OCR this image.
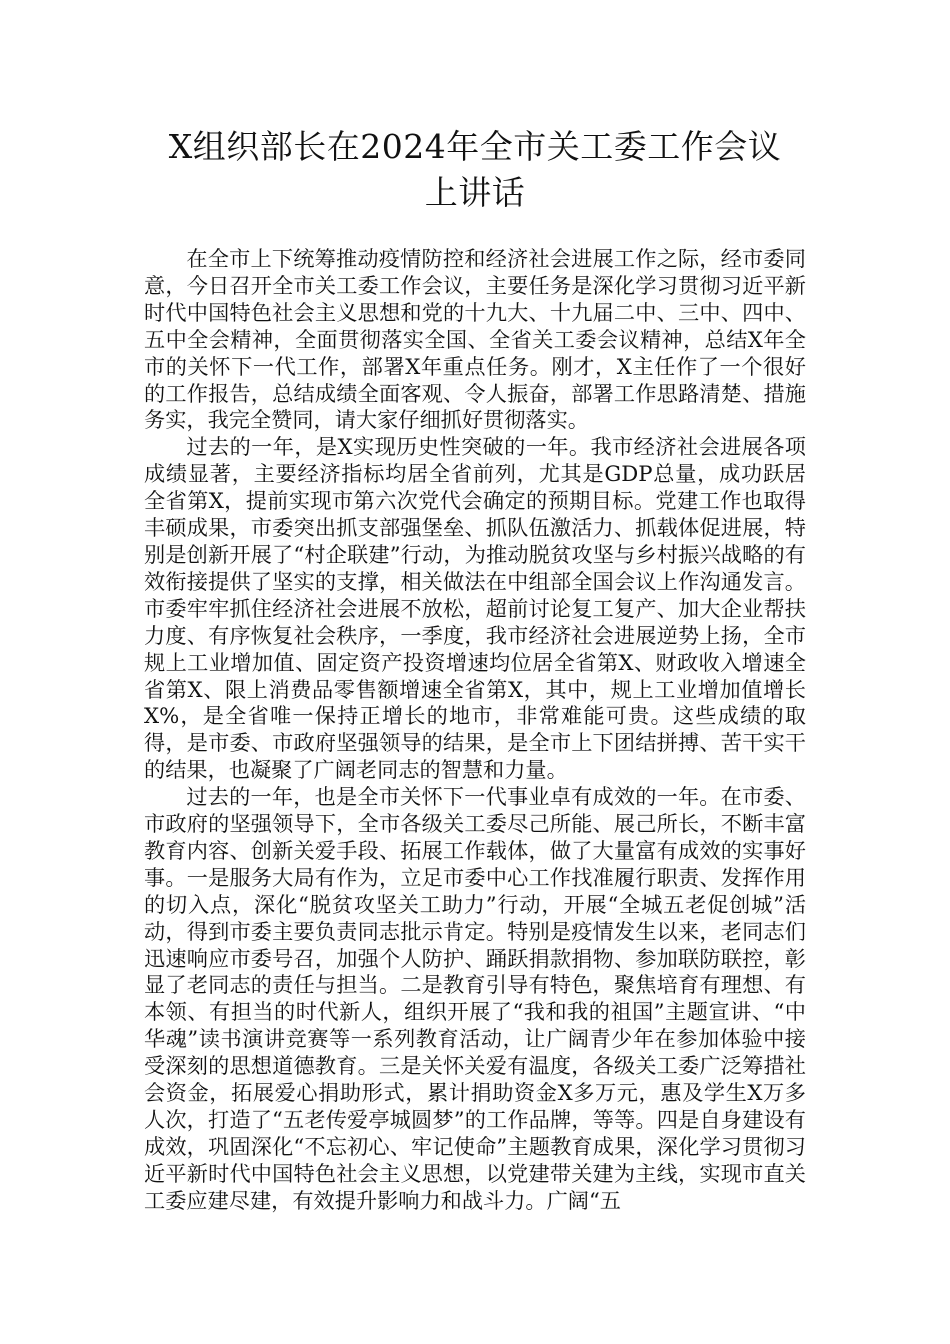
X组织部长在2024年全市关工委工作会议
上讲话

在全市上下统筹推动疫情防控和经济社会进展工作之际，经市委同意，今日召开全市关工委工作会议，主要任务是深化学习贯彻习近平新时代中国特色社会主义思想和党的十九大、十九届二中、三中、四中、五中全会精神，全面贯彻落实全国、全省关工委会议精神，总结X年全市的关怀下一代工作，部署X年重点任务。刚才，X主任作了一个很好的工作报告，总结成绩全面客观、令人振奋，部署工作思路清楚、措施务实，我完全赞同，请大家仔细抓好贯彻落实。

过去的一年，是X实现历史性突破的一年。我市经济社会进展各项成绩显著，主要经济指标均居全省前列，尤其是GDP总量，成功跃居全省第X，提前实现市第六次党代会确定的预期目标。党建工作也取得丰硕成果，市委突出抓支部强堡垒、抓队伍激活力、抓载体促进展，特别是创新开展了“村企联建”行动，为推动脱贫攻坚与乡村振兴战略的有效衔接提供了坚实的支撑，相关做法在中组部全国会议上作沟通发言。市委牢牢抓住经济社会进展不放松，超前讨论复工复产、加大企业帮扶力度、有序恢复社会秩序，一季度，我市经济社会进展逆势上扬，全市规上工业增加值、固定资产投资增速均位居全省第X、财政收入增速全省第X、限上消费品零售额增速全省第X，其中，规上工业增加值增长X%，是全省唯一保持正增长的地市，非常难能可贵。这些成绩的取得，是市委、市政府坚强领导的结果，是全市上下团结拼搏、苦干实干的结果，也凝聚了广阔老同志的智慧和力量。

过去的一年，也是全市关怀下一代事业卓有成效的一年。在市委、市政府的坚强领导下，全市各级关工委尽己所能、展己所长，不断丰富教育内容、创新关爱手段、拓展工作载体，做了大量富有成效的实事好事。一是服务大局有作为，立足市委中心工作找准履行职责、发挥作用的切入点，深化“脱贫攻坚关工助力”行动，开展“全城五老促创城”活动，得到市委主要负责同志批示肯定。特别是疫情发生以来，老同志们迅速响应市委号召，加强个人防护、踊跃捐款捐物、参加联防联控，彰显了老同志的责任与担当。二是教育引导有特色，聚焦培育有理想、有本领、有担当的时代新人，组织开展了“我和我的祖国”主题宣讲、“中华魂”读书演讲竞赛等一系列教育活动，让广阔青少年在参加体验中接受深刻的思想道德教育。三是关怀关爱有温度，各级关工委广泛筹措社会资金，拓展爱心捐助形式，累计捐助资金X多万元，惠及学生X万多人次，打造了“五老传爱亭城圆梦”的工作品牌，等等。四是自身建设有成效，巩固深化“不忘初心、牢记使命”主题教育成果，深化学习贯彻习近平新时代中国特色社会主义思想，以党建带关建为主线，实现市直关工委应建尽建，有效提升影响力和战斗力。广阔“五
